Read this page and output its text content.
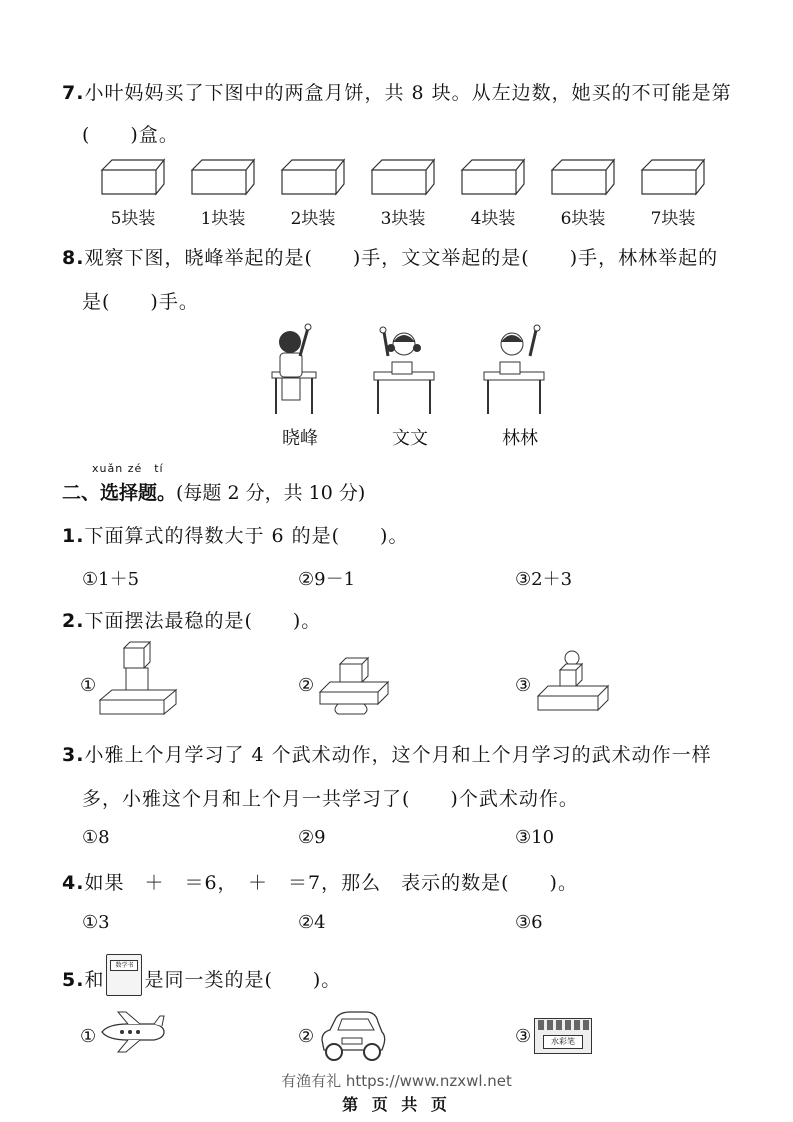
7.小叶妈妈买了下图中的两盒月饼，共 8 块。从左边数，她买的不可能是第
(　　)盒。
5块装	1块装	2块装	3块装	4块装	6块装	7块装
8.观察下图，晓峰举起的是(　　)手，文文举起的是(　　)手，林林举起的
是(　　)手。
晓峰	文文	林林
xuǎn zé　tí
二、选择题。(每题 2 分，共 10 分)
1.下面算式的得数大于 6 的是(　　)。
①1＋5	②9－1	③2＋3
2.下面摆法最稳的是(　　)。
①	②	③
3.小雅上个月学习了 4 个武术动作，这个月和上个月学习的武术动作一样
多，小雅这个月和上个月一共学习了(　　)个武术动作。
①8	②9	③10
4.如果　＋　＝6，　＋　＝7，那么　表示的数是(　　)。
①3	②4	③6
5.和
数学书
是同一类的是(　　)。
①	②	③	水彩笔
有渔有礼 https://www.nzxwl.net
第 页 共 页
